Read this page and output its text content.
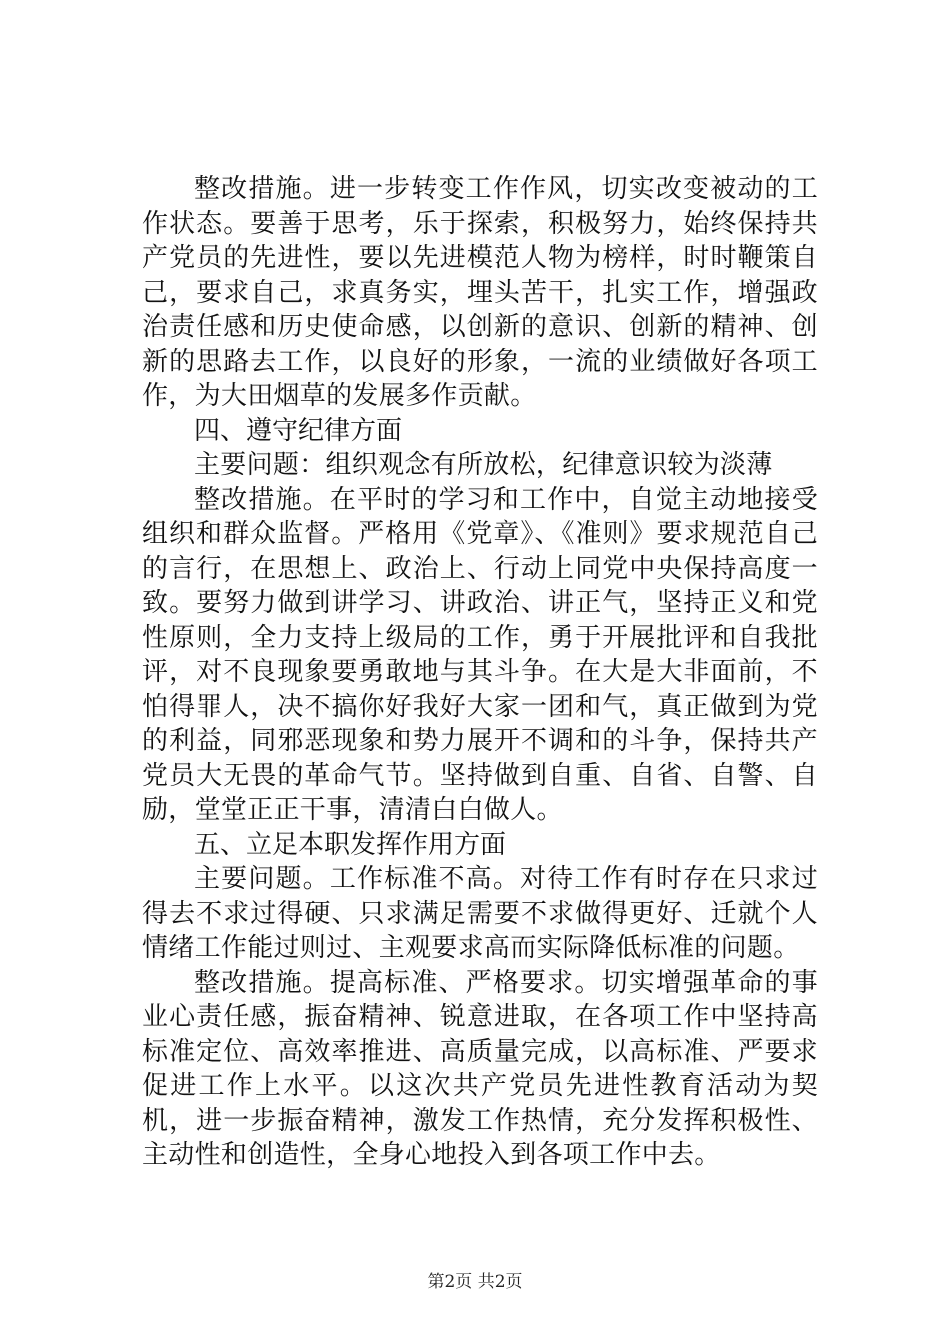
整改措施。进一步转变工作作风，切实改变被动的工作状态。要善于思考，乐于探索，积极努力，始终保持共产党员的先进性，要以先进模范人物为榜样，时时鞭策自己，要求自己，求真务实，埋头苦干，扎实工作，增强政治责任感和历史使命感，以创新的意识、创新的精神、创新的思路去工作，以良好的形象，一流的业绩做好各项工作，为大田烟草的发展多作贡献。

四、遵守纪律方面

主要问题：组织观念有所放松，纪律意识较为淡薄

整改措施。在平时的学习和工作中，自觉主动地接受组织和群众监督。严格用《党章》、《准则》要求规范自己的言行，在思想上、政治上、行动上同党中央保持高度一致。要努力做到讲学习、讲政治、讲正气，坚持正义和党性原则，全力支持上级局的工作，勇于开展批评和自我批评，对不良现象要勇敢地与其斗争。在大是大非面前，不怕得罪人，决不搞你好我好大家一团和气，真正做到为党的利益，同邪恶现象和势力展开不调和的斗争，保持共产党员大无畏的革命气节。坚持做到自重、自省、自警、自励，堂堂正正干事，清清白白做人。

五、立足本职发挥作用方面

主要问题。工作标准不高。对待工作有时存在只求过得去不求过得硬、只求满足需要不求做得更好、迁就个人情绪工作能过则过、主观要求高而实际降低标准的问题。

整改措施。提高标准、严格要求。切实增强革命的事业心责任感，振奋精神、锐意进取，在各项工作中坚持高标准定位、高效率推进、高质量完成，以高标准、严要求促进工作上水平。以这次共产党员先进性教育活动为契机，进一步振奋精神，激发工作热情，充分发挥积极性、主动性和创造性，全身心地投入到各项工作中去。

第2页 共2页
